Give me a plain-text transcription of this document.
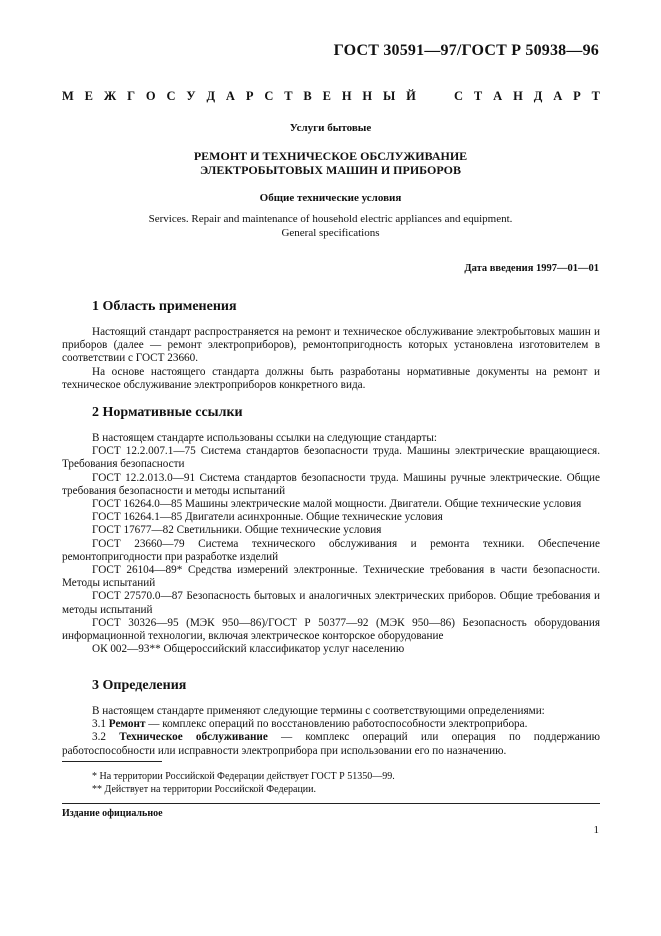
ГОСТ 30591—97/ГОСТ Р 50938—96
М Е Ж Г О С У Д А Р С Т В Е Н Н Ы Й	С Т А Н Д А Р Т
Услуги бытовые
РЕМОНТ И ТЕХНИЧЕСКОЕ ОБСЛУЖИВАНИЕ
ЭЛЕКТРОБЫТОВЫХ МАШИН И ПРИБОРОВ
Общие технические условия
Services. Repair and maintenance of household electric appliances and equipment.
General specifications
Дата введения 1997—01—01
1 Область применения

Настоящий стандарт распространяется на ремонт и техническое обслуживание электробытовых машин и приборов (далее — ремонт электроприборов), ремонтопригодность которых установлена изготовителем в соответствии с ГОСТ 23660.

На основе настоящего стандарта должны быть разработаны нормативные документы на ремонт и техническое обслуживание электроприборов конкретного вида.

2 Нормативные ссылки

В настоящем стандарте использованы ссылки на следующие стандарты:

ГОСТ 12.2.007.1—75 Система стандартов безопасности труда. Машины электрические вращающиеся. Требования безопасности

ГОСТ 12.2.013.0—91 Система стандартов безопасности труда. Машины ручные электрические. Общие требования безопасности и методы испытаний

ГОСТ 16264.0—85 Машины электрические малой мощности. Двигатели. Общие технические условия

ГОСТ 16264.1—85 Двигатели асинхронные. Общие технические условия

ГОСТ 17677—82 Светильники. Общие технические условия

ГОСТ 23660—79 Система технического обслуживания и ремонта техники. Обеспечение ремонтопригодности при разработке изделий

ГОСТ 26104—89* Средства измерений электронные. Технические требования в части безопасности. Методы испытаний

ГОСТ 27570.0—87 Безопасность бытовых и аналогичных электрических приборов. Общие требования и методы испытаний

ГОСТ 30326—95 (МЭК 950—86)/ГОСТ Р 50377—92 (МЭК 950—86) Безопасность оборудования информационной технологии, включая электрическое конторское оборудование

ОК 002—93** Общероссийский классификатор услуг населению

3 Определения

В настоящем стандарте применяют следующие термины с соответствующими определениями:

3.1 Ремонт — комплекс операций по восстановлению работоспособности электроприбора.

3.2 Техническое обслуживание — комплекс операций или операция по поддержанию работоспособности или исправности электроприбора при использовании его по назначению.

* На территории Российской Федерации действует ГОСТ Р 51350—99.
** Действует на территории Российской Федерации.
Издание официальное
1
